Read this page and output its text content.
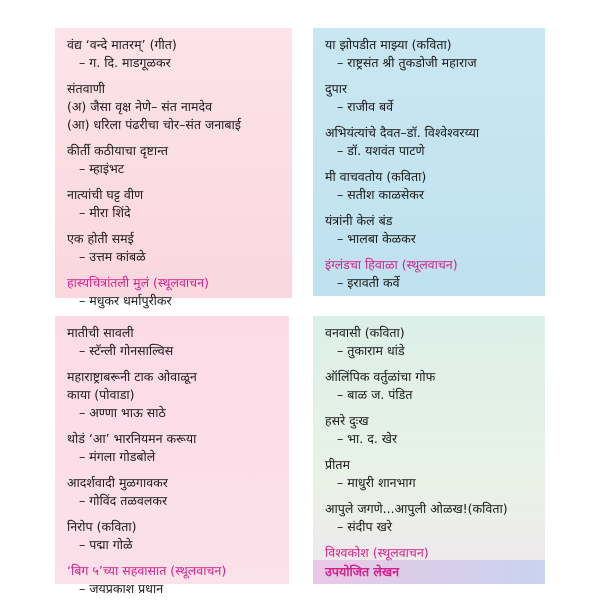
वंद्य ‘वन्दे मातरम्’ (गीत)
– ग. दि. माडगूळकर
संतवाणी
(अ) जैसा वृक्ष नेणे– संत नामदेव
(आ) धरिला पंढरीचा चोर–संत जनाबाई
कीर्ती कठीयाचा दृष्टान्त
– म्हाइंभट
नात्यांची घट्ट वीण
– मीरा शिंदे
एक होती समई
– उत्तम कांबळे
हास्यचित्रांतली मुलं (स्थूलवाचन)
– मधुकर धर्मापुरीकर
या झोपडीत माझ्या (कविता)
– राष्ट्रसंत श्री तुकडोजी महाराज
दुपार
– राजीव बर्वे
अभियंत्यांचे दैवत–डॉ. विश्वेश्वरय्या
– डॉ. यशवंत पाटणे
मी वाचवतोय (कविता)
– सतीश काळसेकर
यंत्रांनी केलं बंड
– भालबा केळकर
इंग्लंडचा हिवाळा (स्थूलवाचन)
– इरावती कर्वे
मातीची सावली
– स्टॅन्ली गोनसाल्विस
महाराष्ट्राबरूनी टाक ओवाळून
काया (पोवाडा)
– अण्णा भाऊ साठे
थोडं ‘आ’ भारनियमन करूया
– मंगला गोडबोले
आदर्शवादी मुळगावकर
– गोविंद तळवलकर
निरोप (कविता)
– पद्मा गोळे
‘बिग ५’च्या सहवासात (स्थूलवाचन)
– जयप्रकाश प्रधान
वनवासी (कविता)
– तुकाराम धांडे
ऑलिंपिक वर्तुळांचा गोफ
– बाळ ज. पंडित
हसरे दुःख
– भा. द. खेर
प्रीतम
– माधुरी शानभाग
आपुले जगणे...आपुली ओळख!(कविता)
– संदीप खरे
विश्वकोश (स्थूलवाचन)
उपयोजित लेखन
